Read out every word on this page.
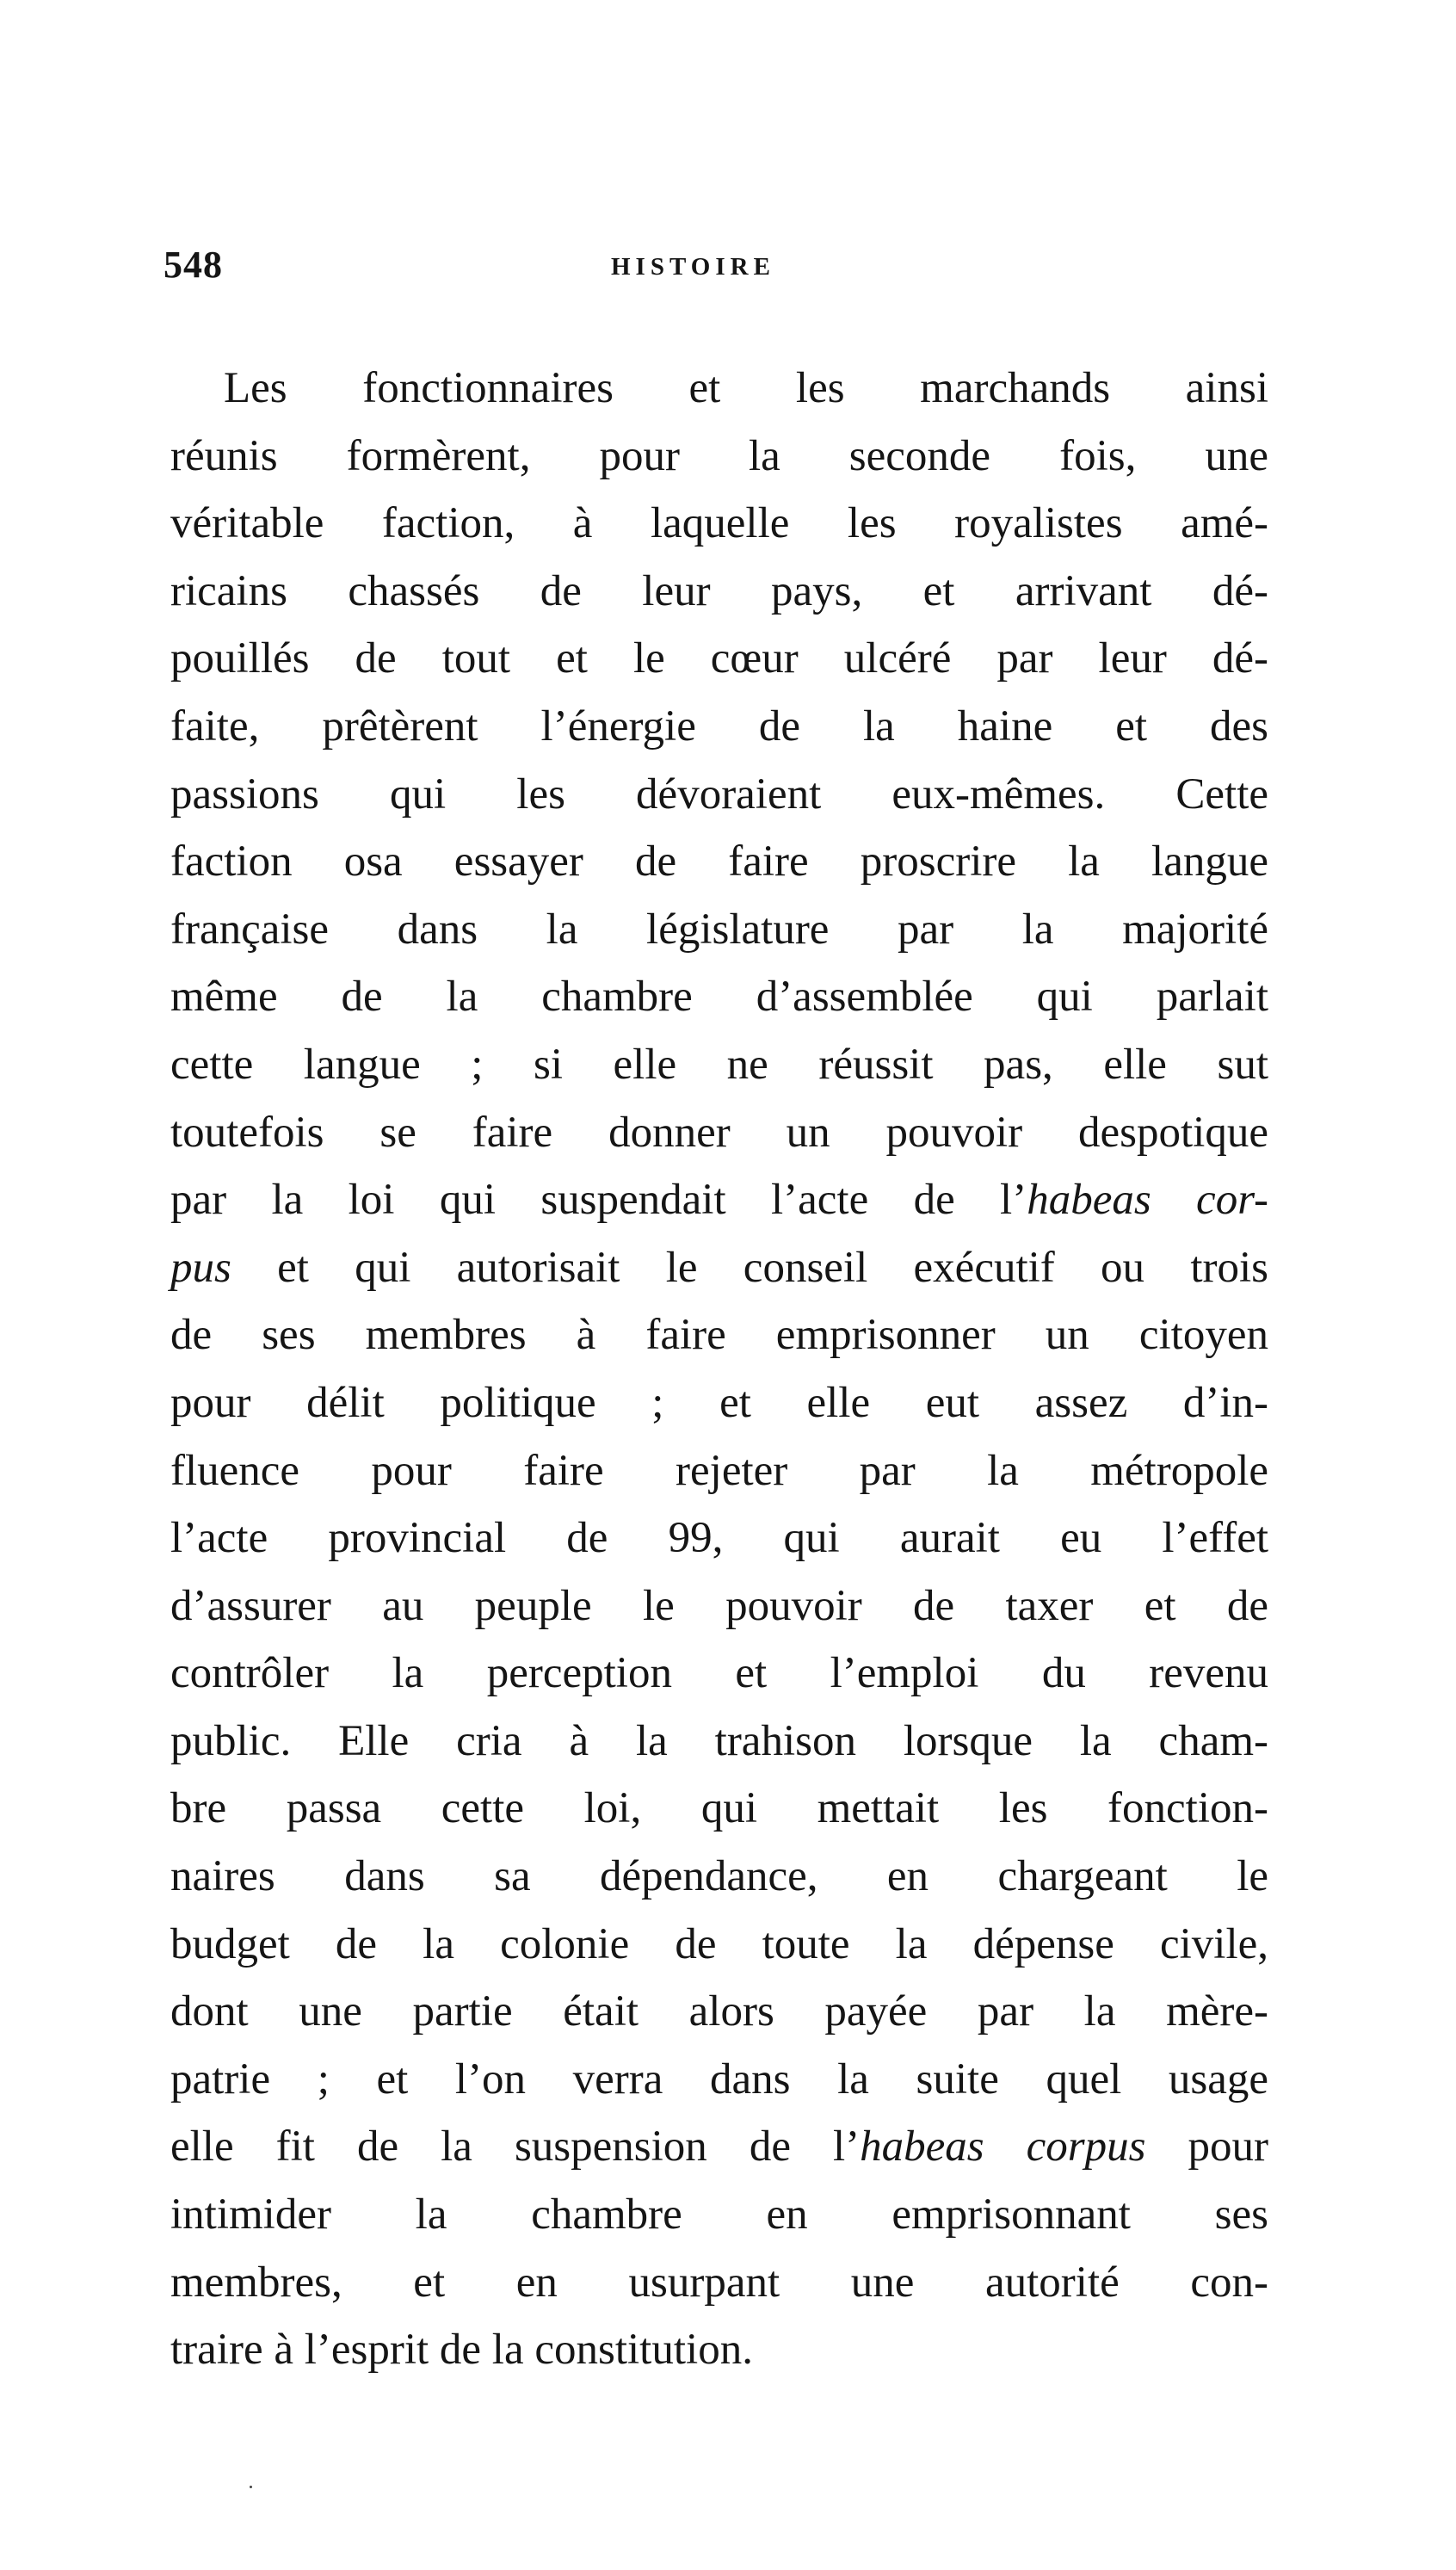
548	HISTOIRE
Les fonctionnaires et les marchands ainsi
réunis formèrent, pour la seconde fois, une
véritable faction, à laquelle les royalistes amé-
ricains chassés de leur pays, et arrivant dé-
pouillés de tout et le cœur ulcéré par leur dé-
faite, prêtèrent l’énergie de la haine et des
passions qui les dévoraient eux-mêmes. Cette
faction osa essayer de faire proscrire la langue
française dans la législature par la majorité
même de la chambre d’assemblée qui parlait
cette langue ; si elle ne réussit pas, elle sut
toutefois se faire donner un pouvoir despotique
par la loi qui suspendait l’acte de l’habeas cor-
pus et qui autorisait le conseil exécutif ou trois
de ses membres à faire emprisonner un citoyen
pour délit politique ; et elle eut assez d’in-
fluence pour faire rejeter par la métropole
l’acte provincial de 99, qui aurait eu l’effet
d’assurer au peuple le pouvoir de taxer et de
contrôler la perception et l’emploi du revenu
public. Elle cria à la trahison lorsque la cham-
bre passa cette loi, qui mettait les fonction-
naires dans sa dépendance, en chargeant le
budget de la colonie de toute la dépense civile,
dont une partie était alors payée par la mère-
patrie ; et l’on verra dans la suite quel usage
elle fit de la suspension de l’habeas corpus pour
intimider la chambre en emprisonnant ses
membres, et en usurpant une autorité con-
traire à l’esprit de la constitution.
